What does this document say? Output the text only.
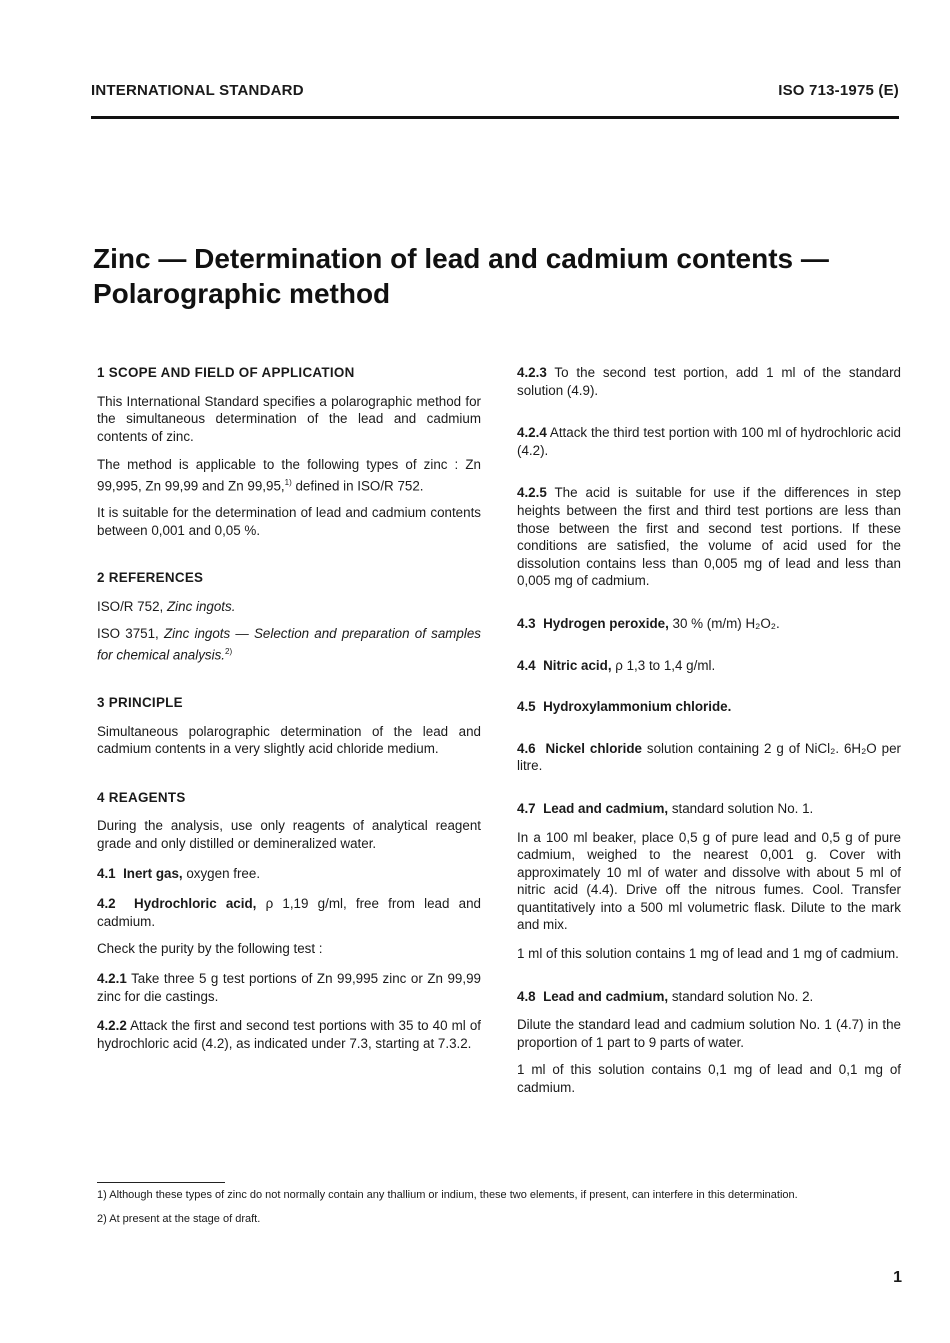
INTERNATIONAL STANDARD	ISO 713-1975 (E)
Zinc — Determination of lead and cadmium contents —
Polarographic method
1 SCOPE AND FIELD OF APPLICATION

This International Standard specifies a polarographic method for the simultaneous determination of the lead and cadmium contents of zinc.

The method is applicable to the following types of zinc : Zn 99,995, Zn 99,99 and Zn 99,95,$^{1)}$ defined in ISO/R 752.

It is suitable for the determination of lead and cadmium contents between 0,001 and 0,05 %.

2 REFERENCES

ISO/R 752, Zinc ingots.

ISO 3751, Zinc ingots — Selection and preparation of samples for chemical analysis.$^{2)}$

3 PRINCIPLE

Simultaneous polarographic determination of the lead and cadmium contents in a very slightly acid chloride medium.

4 REAGENTS

During the analysis, use only reagents of analytical reagent grade and only distilled or demineralized water.

4.1 Inert gas, oxygen free.

4.2 Hydrochloric acid, ρ 1,19 g/ml, free from lead and cadmium.

Check the purity by the following test :

4.2.1 Take three 5 g test portions of Zn 99,995 zinc or Zn 99,99 zinc for die castings.

4.2.2 Attack the first and second test portions with 35 to 40 ml of hydrochloric acid (4.2), as indicated under 7.3, starting at 7.3.2.

4.2.3 To the second test portion, add 1 ml of the standard solution (4.9).

4.2.4 Attack the third test portion with 100 ml of hydrochloric acid (4.2).

4.2.5 The acid is suitable for use if the differences in step heights between the first and third test portions are less than those between the first and second test portions. If these conditions are satisfied, the volume of acid used for the dissolution contains less than 0,005 mg of lead and less than 0,005 mg of cadmium.

4.3 Hydrogen peroxide, 30 % (m/m) H₂O₂.

4.4 Nitric acid, ρ 1,3 to 1,4 g/ml.

4.5 Hydroxylammonium chloride.

4.6 Nickel chloride solution containing 2 g of NiCl₂. 6H₂O per litre.

4.7 Lead and cadmium, standard solution No. 1.

In a 100 ml beaker, place 0,5 g of pure lead and 0,5 g of pure cadmium, weighed to the nearest 0,001 g. Cover with approximately 10 ml of water and dissolve with about 5 ml of nitric acid (4.4). Drive off the nitrous fumes. Cool. Transfer quantitatively into a 500 ml volumetric flask. Dilute to the mark and mix.

1 ml of this solution contains 1 mg of lead and 1 mg of cadmium.

4.8 Lead and cadmium, standard solution No. 2.

Dilute the standard lead and cadmium solution No. 1 (4.7) in the proportion of 1 part to 9 parts of water.

1 ml of this solution contains 0,1 mg of lead and 0,1 mg of cadmium.

1) Although these types of zinc do not normally contain any thallium or indium, these two elements, if present, can interfere in this determination.

2) At present at the stage of draft.

1
